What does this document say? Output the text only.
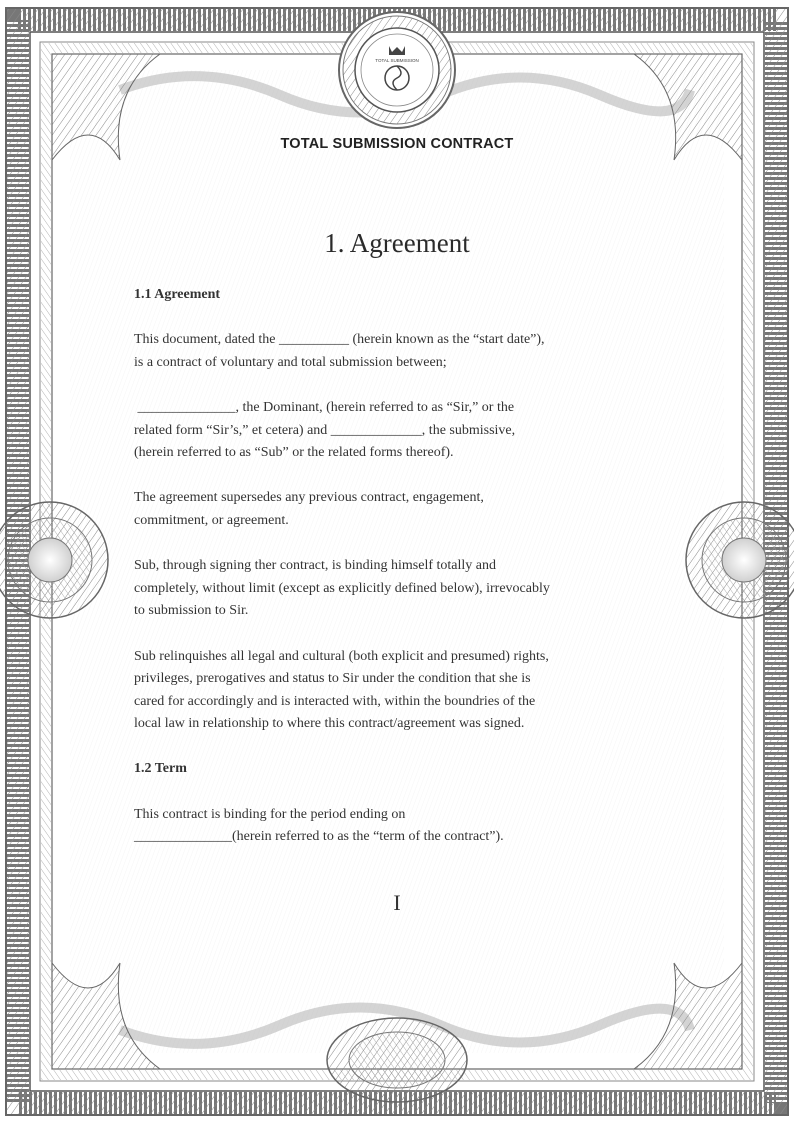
TOTAL SUBMISSION
TOTAL SUBMISSION CONTRACT
1. Agreement
1.1 Agreement

This document, dated the __________ (herein known as the “start date”),
is a contract of voluntary and total submission between;

______________, the Dominant, (herein referred to as “Sir,” or the
related form “Sir’s,” et cetera) and _____________, the submissive,
(herein referred to as “Sub” or the related forms thereof).

The agreement supersedes any previous contract, engagement,
commitment, or agreement.

Sub, through signing ther contract, is binding himself totally and
completely, without limit (except as explicitly defined below), irrevocably
to submission to Sir.

Sub relinquishes all legal and cultural (both explicit and presumed) rights,
privileges, prerogatives and status to Sir under the condition that she is
cared for accordingly and is interacted with, within the boundries of the
local law in relationship to where this contract/agreement was signed.

1.2 Term

This contract is binding for the period ending on
______________(herein referred to as the “term of the contract”).

I
